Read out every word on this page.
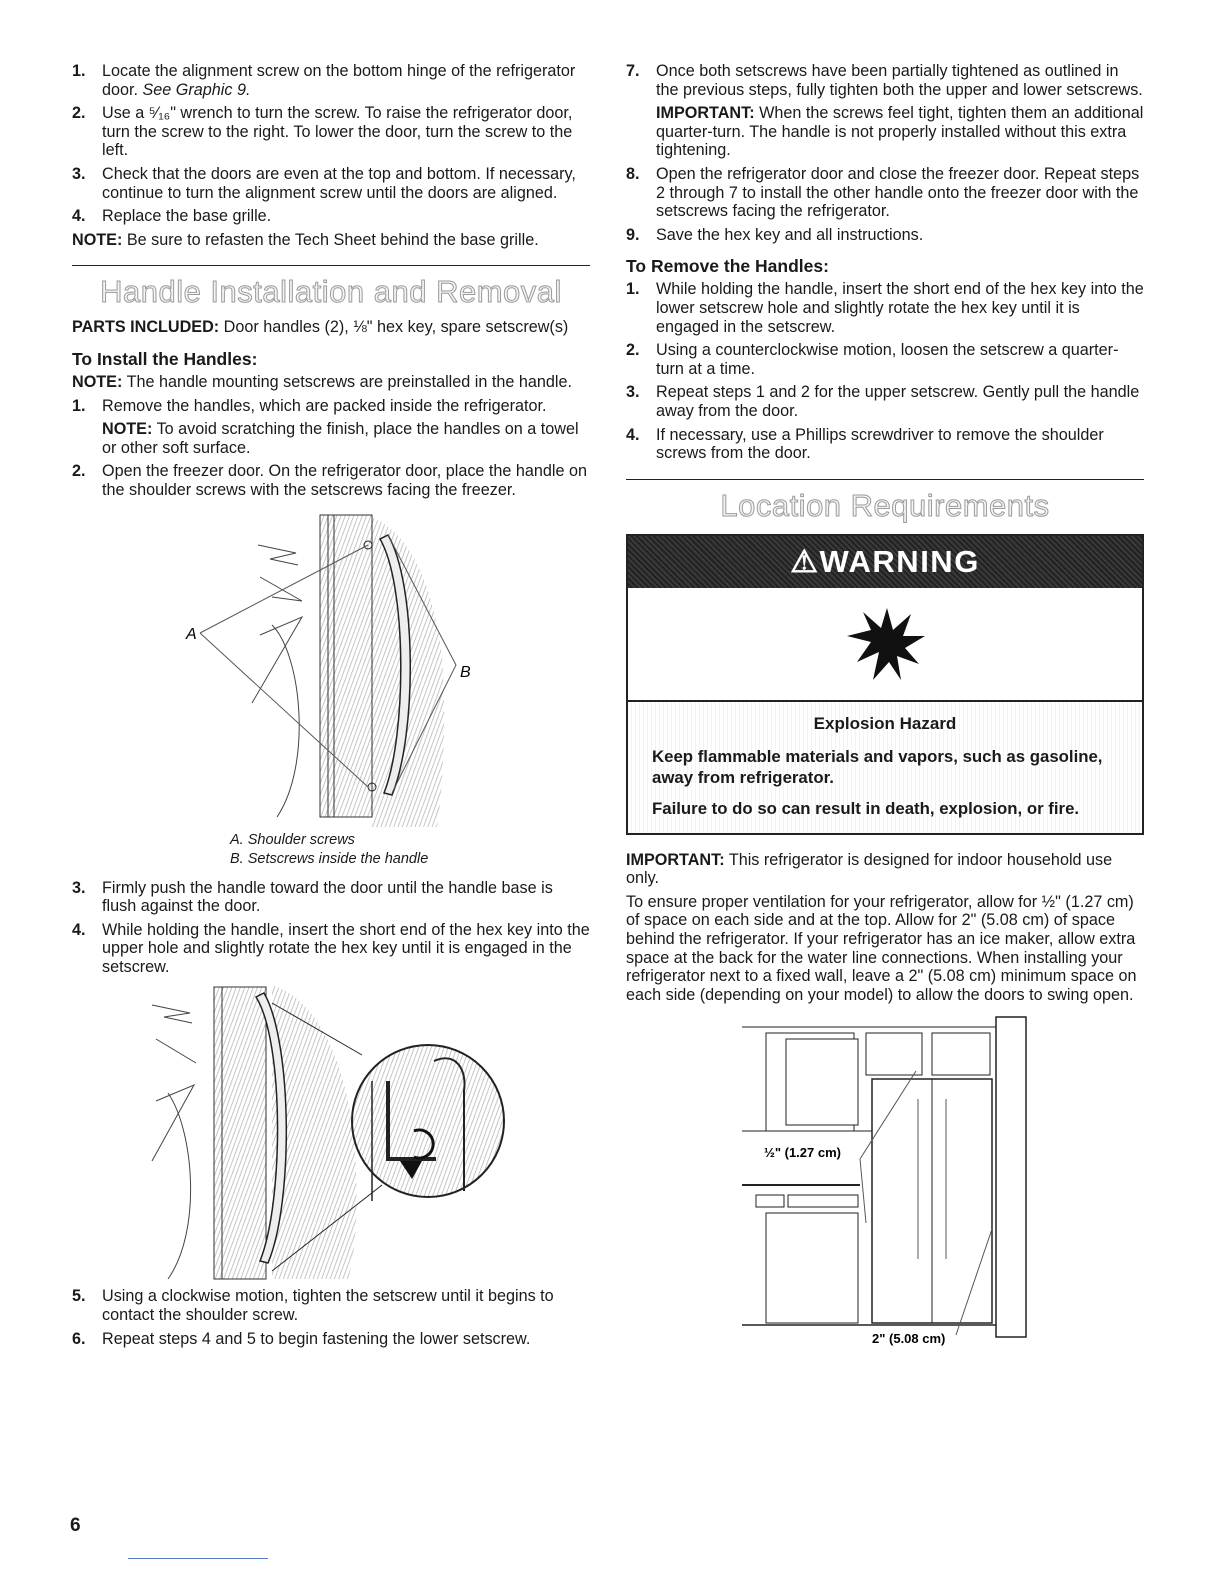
1. Locate the alignment screw on the bottom hinge of the refrigerator door. See Graphic 9.
2. Use a ⁵⁄₁₆" wrench to turn the screw. To raise the refrigerator door, turn the screw to the right. To lower the door, turn the screw to the left.
3. Check that the doors are even at the top and bottom. If necessary, continue to turn the alignment screw until the doors are aligned.
4. Replace the base grille.

NOTE: Be sure to refasten the Tech Sheet behind the base grille.

Handle Installation and Removal

PARTS INCLUDED: Door handles (2), ⅛" hex key, spare setscrew(s)

To Install the Handles:

NOTE: The handle mounting setscrews are preinstalled in the handle.

1. Remove the handles, which are packed inside the refrigerator.
NOTE: To avoid scratching the finish, place the handles on a towel or other soft surface.
2. Open the freezer door. On the refrigerator door, place the handle on the shoulder screws with the setscrews facing the freezer.
A
B
A. Shoulder screws
B. Setscrews inside the handle
3. Firmly push the handle toward the door until the handle base is flush against the door.
4. While holding the handle, insert the short end of the hex key into the upper hole and slightly rotate the hex key until it is engaged in the setscrew.
5. Using a clockwise motion, tighten the setscrew until it begins to contact the shoulder screw.
6. Repeat steps 4 and 5 to begin fastening the lower setscrew.
7. Once both setscrews have been partially tightened as outlined in the previous steps, fully tighten both the upper and lower setscrews.
IMPORTANT: When the screws feel tight, tighten them an additional quarter-turn. The handle is not properly installed without this extra tightening.
8. Open the refrigerator door and close the freezer door. Repeat steps 2 through 7 to install the other handle onto the freezer door with the setscrews facing the refrigerator.
9. Save the hex key and all instructions.
To Remove the Handles:
1. While holding the handle, insert the short end of the hex key into the lower setscrew hole and slightly rotate the hex key until it is engaged in the setscrew.
2. Using a counterclockwise motion, loosen the setscrew a quarter-turn at a time.
3. Repeat steps 1 and 2 for the upper setscrew. Gently pull the handle away from the door.
4. If necessary, use a Phillips screwdriver to remove the shoulder screws from the door.
Location Requirements
⚠WARNING
Explosion Hazard

Keep flammable materials and vapors, such as gasoline, away from refrigerator.

Failure to do so can result in death, explosion, or fire.

IMPORTANT: This refrigerator is designed for indoor household use only.

To ensure proper ventilation for your refrigerator, allow for ½" (1.27 cm) of space on each side and at the top. Allow for 2" (5.08 cm) of space behind the refrigerator. If your refrigerator has an ice maker, allow extra space at the back for the water line connections. When installing your refrigerator next to a fixed wall, leave a 2" (5.08 cm) minimum space on each side (depending on your model) to allow the doors to swing open.

½" (1.27 cm)
2" (5.08 cm)
6
